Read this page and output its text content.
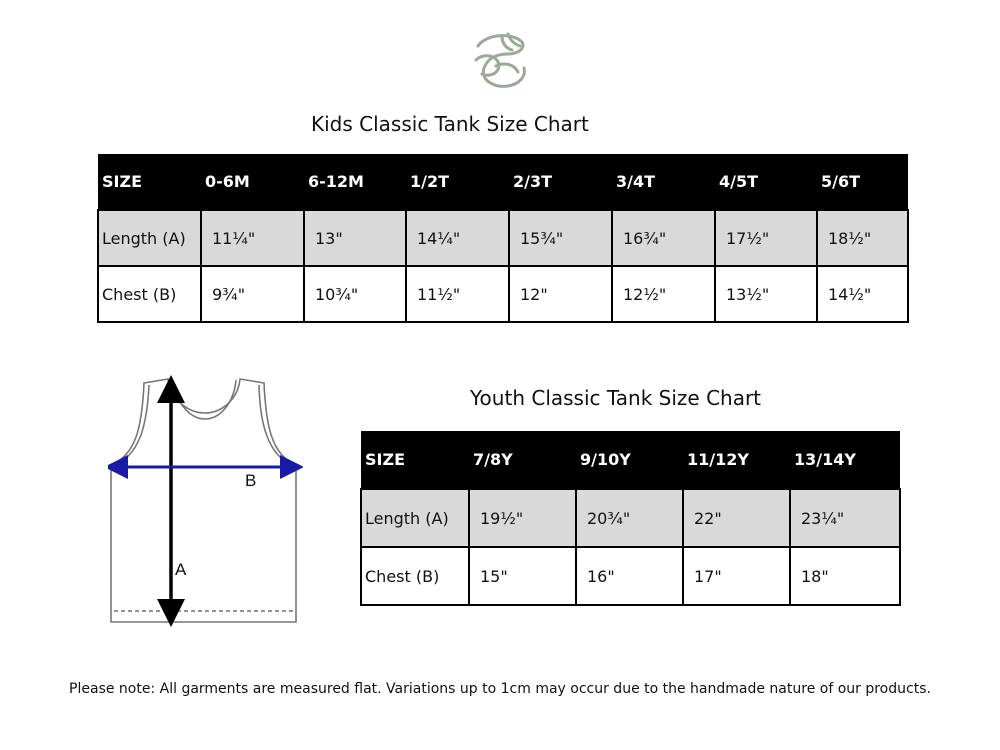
Kids Classic Tank Size Chart
SIZE	0-6M	6-12M	1/2T	2/3T	3/4T	4/5T	5/6T
Length (A)	11¼"	13"	14¼"	15¾"	16¾"	17½"	18½"
Chest (B)	9¾"	10¾"	11½"	12"	12½"	13½"	14½"
B
A
Youth Classic Tank Size Chart
SIZE	7/8Y	9/10Y	11/12Y	13/14Y
Length (A)	19½"	20¾"	22"	23¼"
Chest (B)	15"	16"	17"	18"
Please note: All garments are measured flat. Variations up to 1cm may occur due to the handmade nature of our products.
